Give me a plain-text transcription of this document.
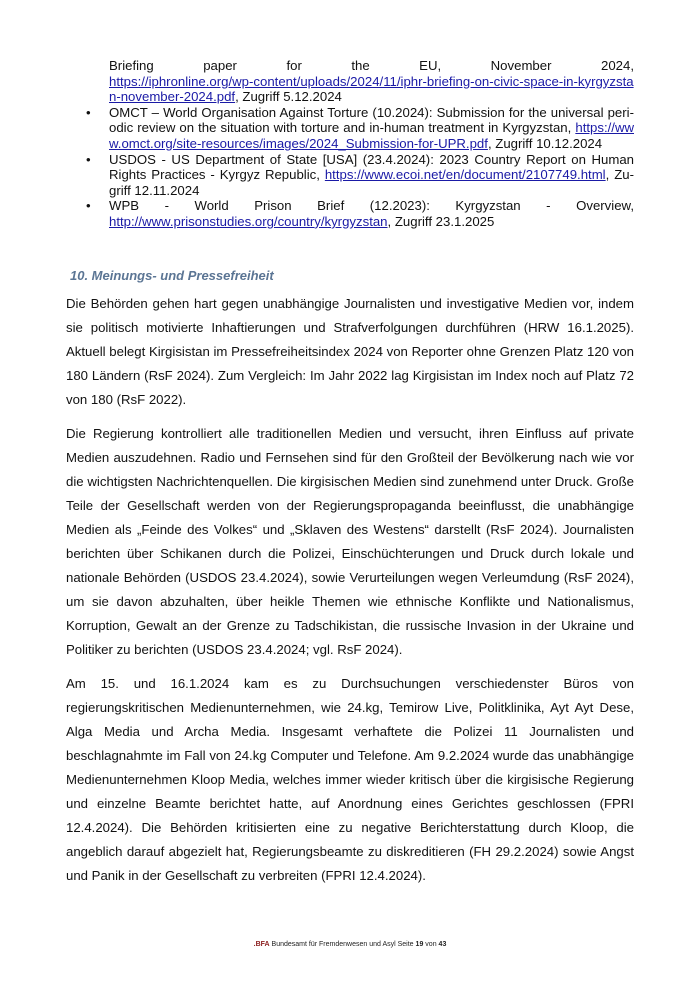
Briefing paper for the EU, November 2024,
https://iphronline.org/wp-content/uploads/2024/11/iphr-briefing-on-civic-space-in-kyrgyzstan-november-2024.pdf, Zugriff 5.12.2024
• OMCT – World Organisation Against Torture (10.2024): Submission for the universal periodic review on the situation with torture and in-human treatment in Kyrgyzstan, https://www.omct.org/site-resources/images/2024_Submission-for-UPR.pdf, Zugriff 10.12.2024
• USDOS - US Department of State [USA] (23.4.2024): 2023 Country Report on Human Rights Practices - Kyrgyz Republic, https://www.ecoi.net/en/document/2107749.html, Zugriff 12.11.2024
• WPB - World Prison Brief (12.2023): Kyrgyzstan - Overview,
http://www.prisonstudies.org/country/kyrgyzstan, Zugriff 23.1.2025
10. Meinungs- und Pressefreiheit

Die Behörden gehen hart gegen unabhängige Journalisten und investigative Medien vor, indem sie politisch motivierte Inhaftierungen und Strafverfolgungen durchführen (HRW 16.1.2025). Aktuell belegt Kirgisistan im Pressefreiheitsindex 2024 von Reporter ohne Grenzen Platz 120 von 180 Ländern (RsF 2024). Zum Vergleich: Im Jahr 2022 lag Kirgisistan im Index noch auf Platz 72 von 180 (RsF 2022).

Die Regierung kontrolliert alle traditionellen Medien und versucht, ihren Einfluss auf private Medien auszudehnen. Radio und Fernsehen sind für den Großteil der Bevölkerung nach wie vor die wichtigsten Nachrichtenquellen. Die kirgisischen Medien sind zunehmend unter Druck. Große Teile der Gesellschaft werden von der Regierungspropaganda beeinflusst, die unabhängige Medien als „Feinde des Volkes“ und „Sklaven des Westens“ darstellt (RsF 2024). Journalisten berichten über Schikanen durch die Polizei, Einschüchterungen und Druck durch lokale und nationale Behörden (USDOS 23.4.2024), sowie Verurteilungen wegen Verleumdung (RsF 2024), um sie davon abzuhalten, über heikle Themen wie ethnische Konflikte und Nationalismus, Korruption, Gewalt an der Grenze zu Tadschikistan, die russische Invasion in der Ukraine und Politiker zu berichten (USDOS 23.4.2024; vgl. RsF 2024).

Am 15. und 16.1.2024 kam es zu Durchsuchungen verschiedenster Büros von regierungskritischen Medienunternehmen, wie 24.kg, Temirow Live, Politklinika, Ayt Ayt Dese, Alga Media und Archa Media. Insgesamt verhaftete die Polizei 11 Journalisten und beschlagnahmte im Fall von 24.kg Computer und Telefone. Am 9.2.2024 wurde das unabhängige Medienunternehmen Kloop Media, welches immer wieder kritisch über die kirgisische Regierung und einzelne Beamte berichtet hatte, auf Anordnung eines Gerichtes geschlossen (FPRI 12.4.2024). Die Behörden kritisierten eine zu negative Berichterstattung durch Kloop, die angeblich darauf abgezielt hat, Regierungsbeamte zu diskreditieren (FH 29.2.2024) sowie Angst und Panik in der Gesellschaft zu verbreiten (FPRI 12.4.2024).

.BFA Bundesamt für Fremdenwesen und Asyl Seite 19 von 43
